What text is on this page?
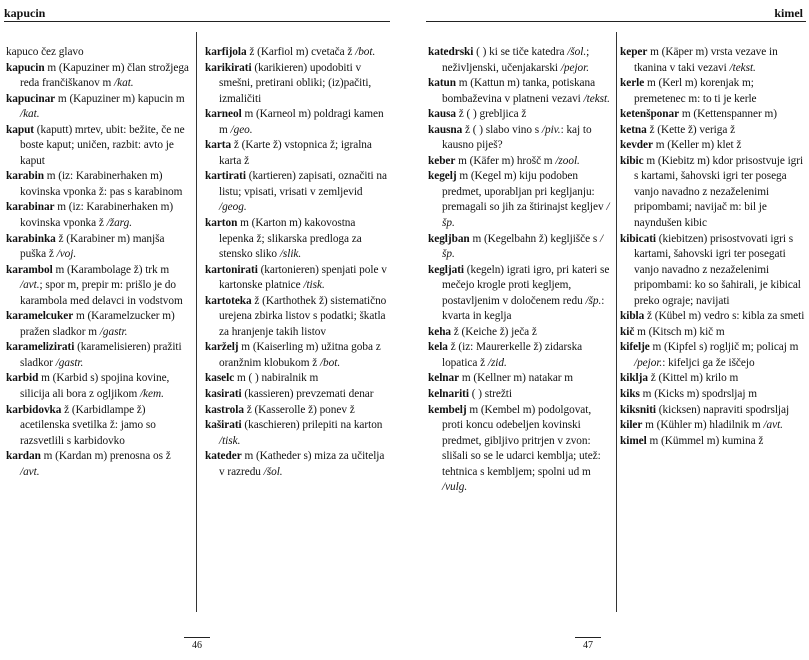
kapucin
kapuco čez glavo
kapucin m (Kapuziner m) član strožjega reda frančiškanov m /kat.
kapucinar m (Kapuziner m) kapucin m /kat.
kaput (kaputt) mrtev, ubit: bežite, če ne boste kaput; uničen, razbit: avto je kaput
karabin m (iz: Karabinerhaken m) kovinska vponka ž: pas s karabinom
karabinar m (iz: Karabinerhaken m) kovinska vponka ž /žarg.
karabinka ž (Karabiner m) manjša puška ž /voj.
karambol m (Karambolage ž) trk m /avt.; spor m, prepir m: prišlo je do karambola med delavci in vodstvom
karamelcuker m (Karamelzucker m) pražen sladkor m /gastr.
karamelizirati (karamelisieren) pražiti sladkor /gastr.
karbid m (Karbid s) spojina kovine, silicija ali bora z ogljikom /kem.
karbidovka ž (Karbidlampe ž) acetilenska svetilka ž: jamo so razsvetlili s karbidovko
kardan m (Kardan m) prenosna os ž /avt.
karfijola ž (Karfiol m) cvetača ž /bot.
karikirati (karikieren) upodobiti v smešni, pretirani obliki; (iz)pačiti, izmaličiti
karneol m (Karneol m) poldragi kamen m /geo.
karta ž (Karte ž) vstopnica ž; igralna karta ž
kartirati (kartieren) zapisati, označiti na listu; vpisati, vrisati v zemljevid /geog.
karton m (Karton m) kakovostna lepenka ž; slikarska predloga za stensko sliko /slik.
kartonirati (kartonieren) spenjati pole v kartonske platnice /tisk.
kartoteka ž (Karthothek ž) sistematično urejena zbirka listov s podatki; škatla za hranjenje takih listov
karželj m (Kaiserling m) užitna goba z oranžnim klobukom ž /bot.
kaselc m ( ) nabiralnik m
kasirati (kassieren) prevzemati denar
kastrola ž (Kasserolle ž) ponev ž
kaširati (kaschieren) prilepiti na karton /tisk.
kateder m (Katheder s) miza za učitelja v razredu /šol.
46
kimel
katedrski ( ) ki se tiče katedra /šol.; neživljenski, učenjakarski /pejor.
katun m (Kattun m) tanka, potiskana bombaževina v platneni vezavi /tekst.
kausa ž ( ) grebljica ž
kausna ž ( ) slabo vino s /piv.: kaj to kausno piješ?
keber m (Käfer m) hrošč m /zool.
kegelj m (Kegel m) kiju podoben predmet, uporabljan pri kegljanju: premagali so jih za štirinajst kegljev /šp.
kegljban m (Kegelbahn ž) kegljišče s /šp.
kegljati (kegeln) igrati igro, pri kateri se mečejo krogle proti kegljem, postavljenim v določenem redu /šp.: kvarta in keglja
keha ž (Keiche ž) ječa ž
kela ž (iz: Maurerkelle ž) zidarska lopatica ž /zid.
kelnar m (Kellner m) natakar m
kelnariti ( ) strežti
kembelj m (Kembel m) podolgovat, proti koncu odebeljen kovinski predmet, gibljivo pritrjen v zvon: slišali so se le udarci kemblja; utež: tehtnica s kembljem; spolni ud m /vulg.
keper m (Käper m) vrsta vezave in tkanina v taki vezavi /tekst.
kerle m (Kerl m) korenjak m; premetenec m: to ti je kerle
ketenšponar m (Kettenspanner m)
ketna ž (Kette ž) veriga ž
kevder m (Keller m) klet ž
kibic m (Kiebitz m) kdor prisostvuje igri s kartami, šahovski igri ter posega vanjo navadno z nezaželenimi pripombami; navijač m: bil je nayndušen kibic
kibicati (kiebitzen) prisostvovati igri s kartami, šahovski igri ter posegati vanjo navadno z nezaželenimi pripombami: ko so šahirali, je kibical preko ograje; navijati
kibla ž (Kübel m) vedro s: kibla za smeti
kič m (Kitsch m) kič m
kifelje m (Kipfel s) rogljič m; policaj m /pejor.: kifeljci ga že iščejo
kiklja ž (Kittel m) krilo m
kiks m (Kicks m) spodrsljaj m
kiksniti (kicksen) napraviti spodrsljaj
kiler m (Kühler m) hladilnik m /avt.
kimel m (Kümmel m) kumina ž
47
